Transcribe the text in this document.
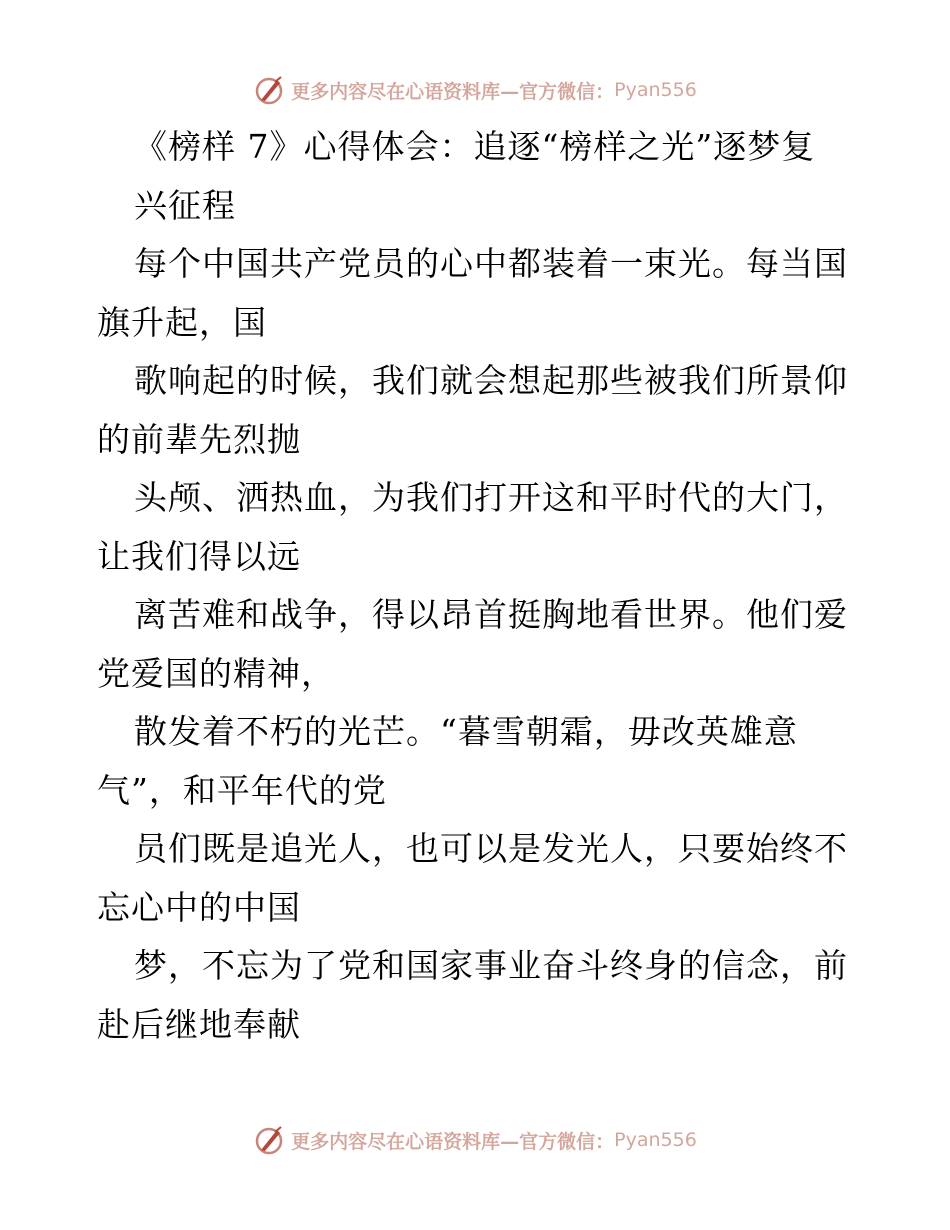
更多内容尽在心语资料库—官方微信： Pyan556
《榜样 7》心得体会：追逐“榜样之光”逐梦复
兴征程
每个中国共产党员的心中都装着一束光。每当国
旗升起，国
歌响起的时候，我们就会想起那些被我们所景仰
的前辈先烈抛
头颅、洒热血，为我们打开这和平时代的大门，
让我们得以远
离苦难和战争，得以昂首挺胸地看世界。他们爱
党爱国的精神，
散发着不朽的光芒。“暮雪朝霜，毋改英雄意
气”，和平年代的党
员们既是追光人，也可以是发光人，只要始终不
忘心中的中国
梦，不忘为了党和国家事业奋斗终身的信念，前
赴后继地奉献
更多内容尽在心语资料库—官方微信： Pyan556
